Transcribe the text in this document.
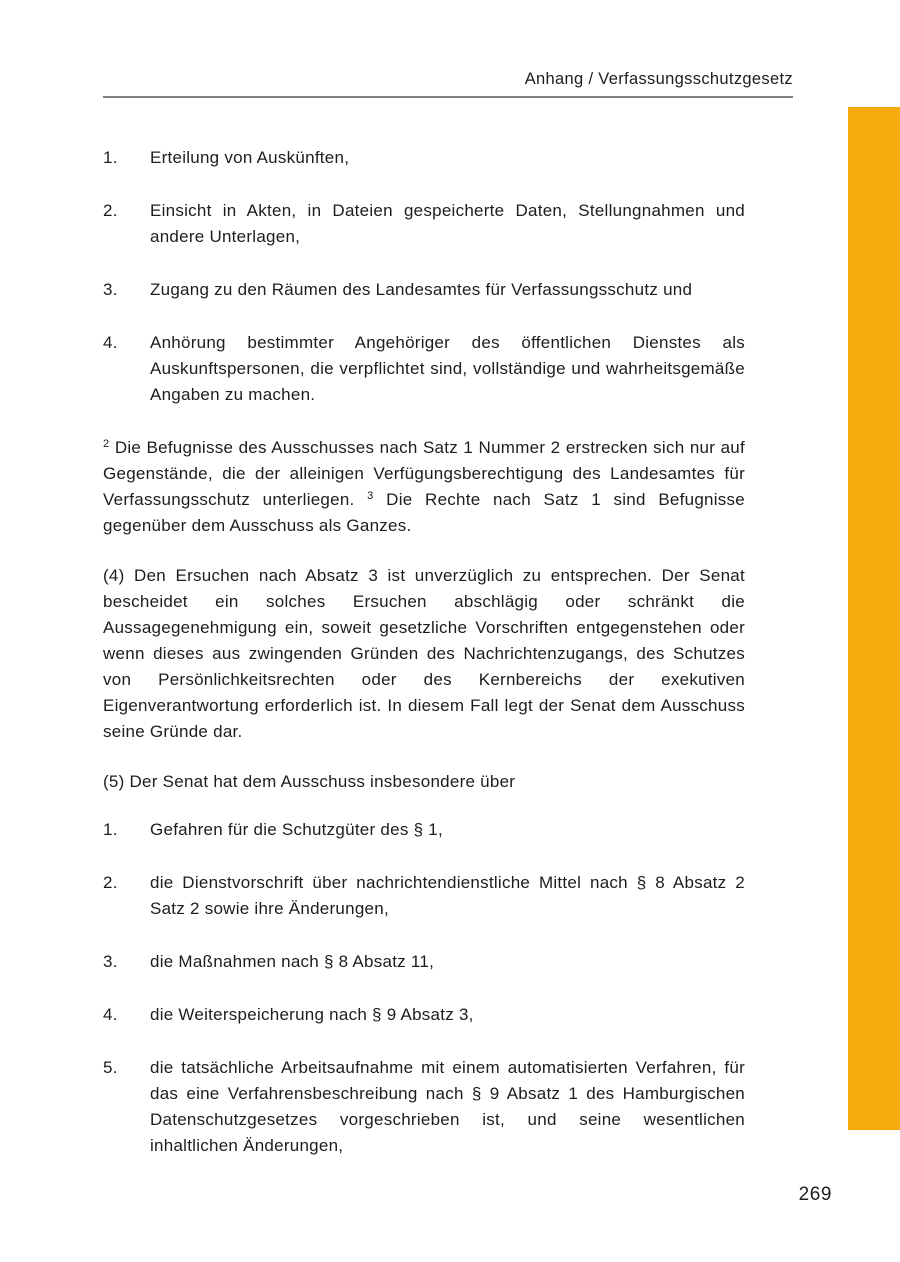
Anhang / Verfassungsschutzgesetz
1.	Erteilung von Auskünften,
2.	Einsicht in Akten, in Dateien gespeicherte Daten, Stellungnahmen und andere Unterlagen,
3.	Zugang zu den Räumen des Landesamtes für Verfassungsschutz und
4.	Anhörung bestimmter Angehöriger des öffentlichen Dienstes als Auskunftspersonen, die verpflichtet sind, vollständige und wahrheitsgemäße Angaben zu machen.

$^2$ Die Befugnisse des Ausschusses nach Satz 1 Nummer 2 erstrecken sich nur auf Gegenstände, die der alleinigen Verfügungsberechtigung des Landesamtes für Verfassungsschutz unterliegen. $^3$ Die Rechte nach Satz 1 sind Befugnisse gegenüber dem Ausschuss als Ganzes.

(4) Den Ersuchen nach Absatz 3 ist unverzüglich zu entsprechen. Der Senat bescheidet ein solches Ersuchen abschlägig oder schränkt die Aussagegenehmigung ein, soweit gesetzliche Vorschriften entgegenstehen oder wenn dieses aus zwingenden Gründen des Nachrichtenzugangs, des Schutzes von Persönlichkeitsrechten oder des Kernbereichs der exekutiven Eigenverantwortung erforderlich ist. In diesem Fall legt der Senat dem Ausschuss seine Gründe dar.

(5) Der Senat hat dem Ausschuss insbesondere über

1.	Gefahren für die Schutzgüter des § 1,
2.	die Dienstvorschrift über nachrichtendienstliche Mittel nach § 8 Absatz 2 Satz 2 sowie ihre Änderungen,
3.	die Maßnahmen nach § 8 Absatz 11,
4.	die Weiterspeicherung nach § 9 Absatz 3,
5.	die tatsächliche Arbeitsaufnahme mit einem automatisierten Verfahren, für das eine Verfahrensbeschreibung nach § 9 Absatz 1 des Hamburgischen Datenschutzgesetzes vorgeschrieben ist, und seine wesentlichen inhaltlichen Änderungen,
269
